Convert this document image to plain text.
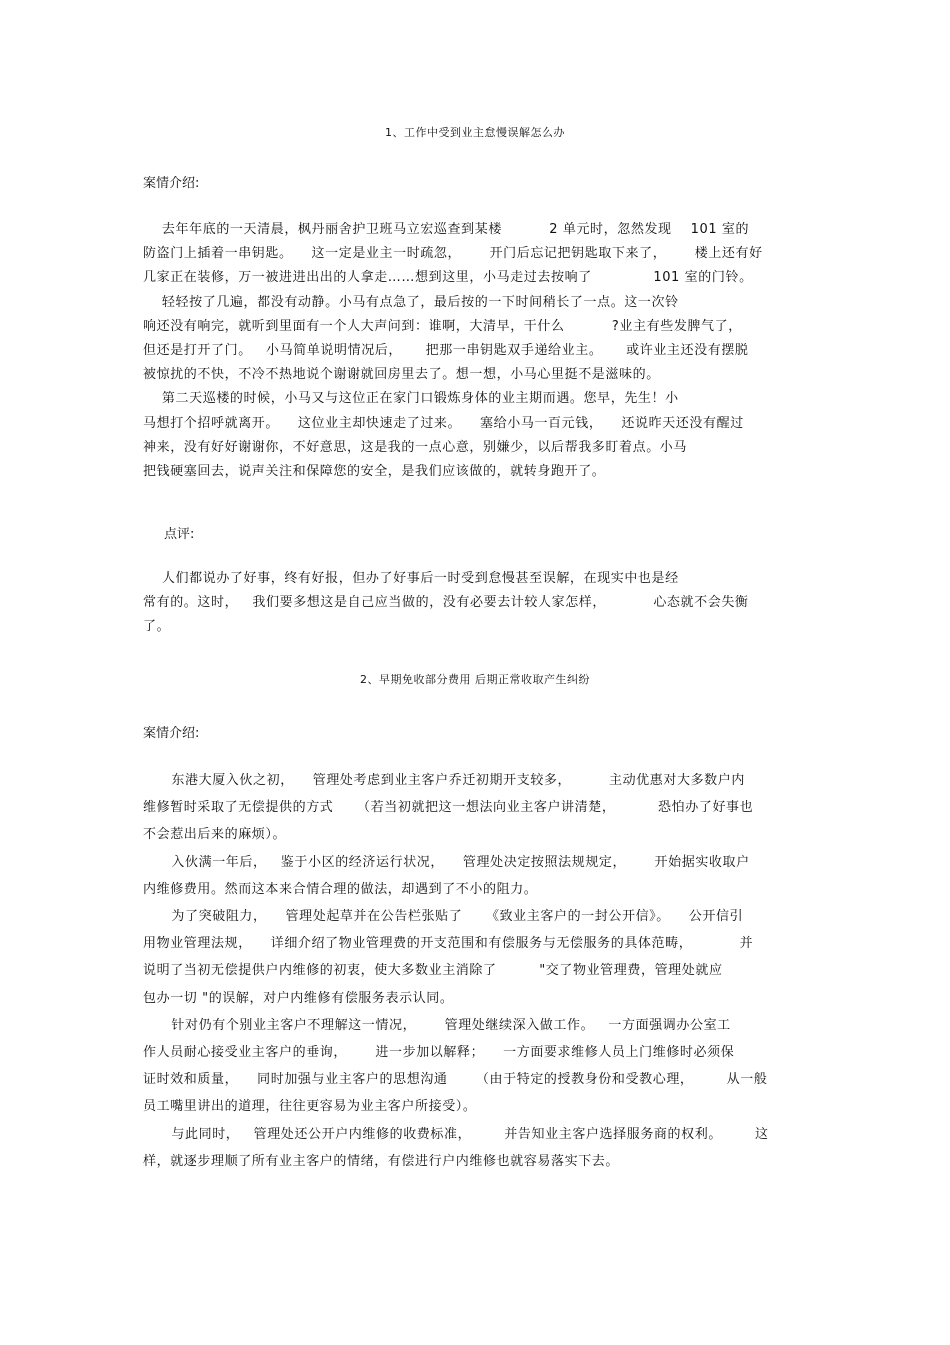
1、工作中受到业主怠慢误解怎么办
案情介绍:
去年年底的一天清晨，枫丹丽舍护卫班马立宏巡查到某楼          2 单元时，忽然发现    101 室的
防盗门上插着一串钥匙。    这一定是业主一时疏忽，      开门后忘记把钥匙取下来了，      楼上还有好
几家正在装修，万一被进进出出的人拿走……想到这里，小马走过去按响了             101 室的门铃。
轻轻按了几遍，都没有动静。小马有点急了，最后按的一下时间稍长了一点。这一次铃
响还没有响完，就听到里面有一个人大声问到：谁啊，大清早，干什么          ?业主有些发脾气了，
但还是打开了门。   小马简单说明情况后，     把那一串钥匙双手递给业主。     或许业主还没有摆脱
被惊扰的不快，不冷不热地说个谢谢就回房里去了。想一想，小马心里挺不是滋味的。
第二天巡楼的时候，小马又与这位正在家门口锻炼身体的业主期而遇。您早，先生！小
马想打个招呼就离开。    这位业主却快速走了过来。    塞给小马一百元钱，    还说昨天还没有醒过
神来，没有好好谢谢你，不好意思，这是我的一点心意，别嫌少，以后帮我多盯着点。小马
把钱硬塞回去，说声关注和保障您的安全，是我们应该做的，就转身跑开了。
点评:
人们都说办了好事，终有好报，但办了好事后一时受到怠慢甚至误解，在现实中也是经
常有的。这时，   我们要多想这是自己应当做的，没有必要去计较人家怎样，          心态就不会失衡
了。
2、早期免收部分费用 后期正常收取产生纠纷
案情介绍:
东港大厦入伙之初，    管理处考虑到业主客户乔迁初期开支较多，        主动优惠对大多数户内
维修暂时采取了无偿提供的方式     （若当初就把这一想法向业主客户讲清楚，         恐怕办了好事也
不会惹出后来的麻烦）。
入伙满一年后，   鉴于小区的经济运行状况，    管理处决定按照法规规定，      开始据实收取户
内维修费用。然而这本来合情合理的做法，却遇到了不小的阻力。
为了突破阻力，    管理处起草并在公告栏张贴了     《致业主客户的一封公开信》。    公开信引
用物业管理法规，    详细介绍了物业管理费的开支范围和有偿服务与无偿服务的具体范畴，          并
说明了当初无偿提供户内维修的初衷，使大多数业主消除了         "交了物业管理费，管理处就应
包办一切 "的误解，对户内维修有偿服务表示认同。
针对仍有个别业主客户不理解这一情况，      管理处继续深入做工作。   一方面强调办公室工
作人员耐心接受业主客户的垂询，      进一步加以解释；    一方面要求维修人员上门维修时必须保
证时效和质量，    同时加强与业主客户的思想沟通      （由于特定的授教身份和受教心理，       从一般
员工嘴里讲出的道理，往往更容易为业主客户所接受）。
与此同时，   管理处还公开户内维修的收费标准，       并告知业主客户选择服务商的权利。       这
样，就逐步理顺了所有业主客户的情绪，有偿进行户内维修也就容易落实下去。
